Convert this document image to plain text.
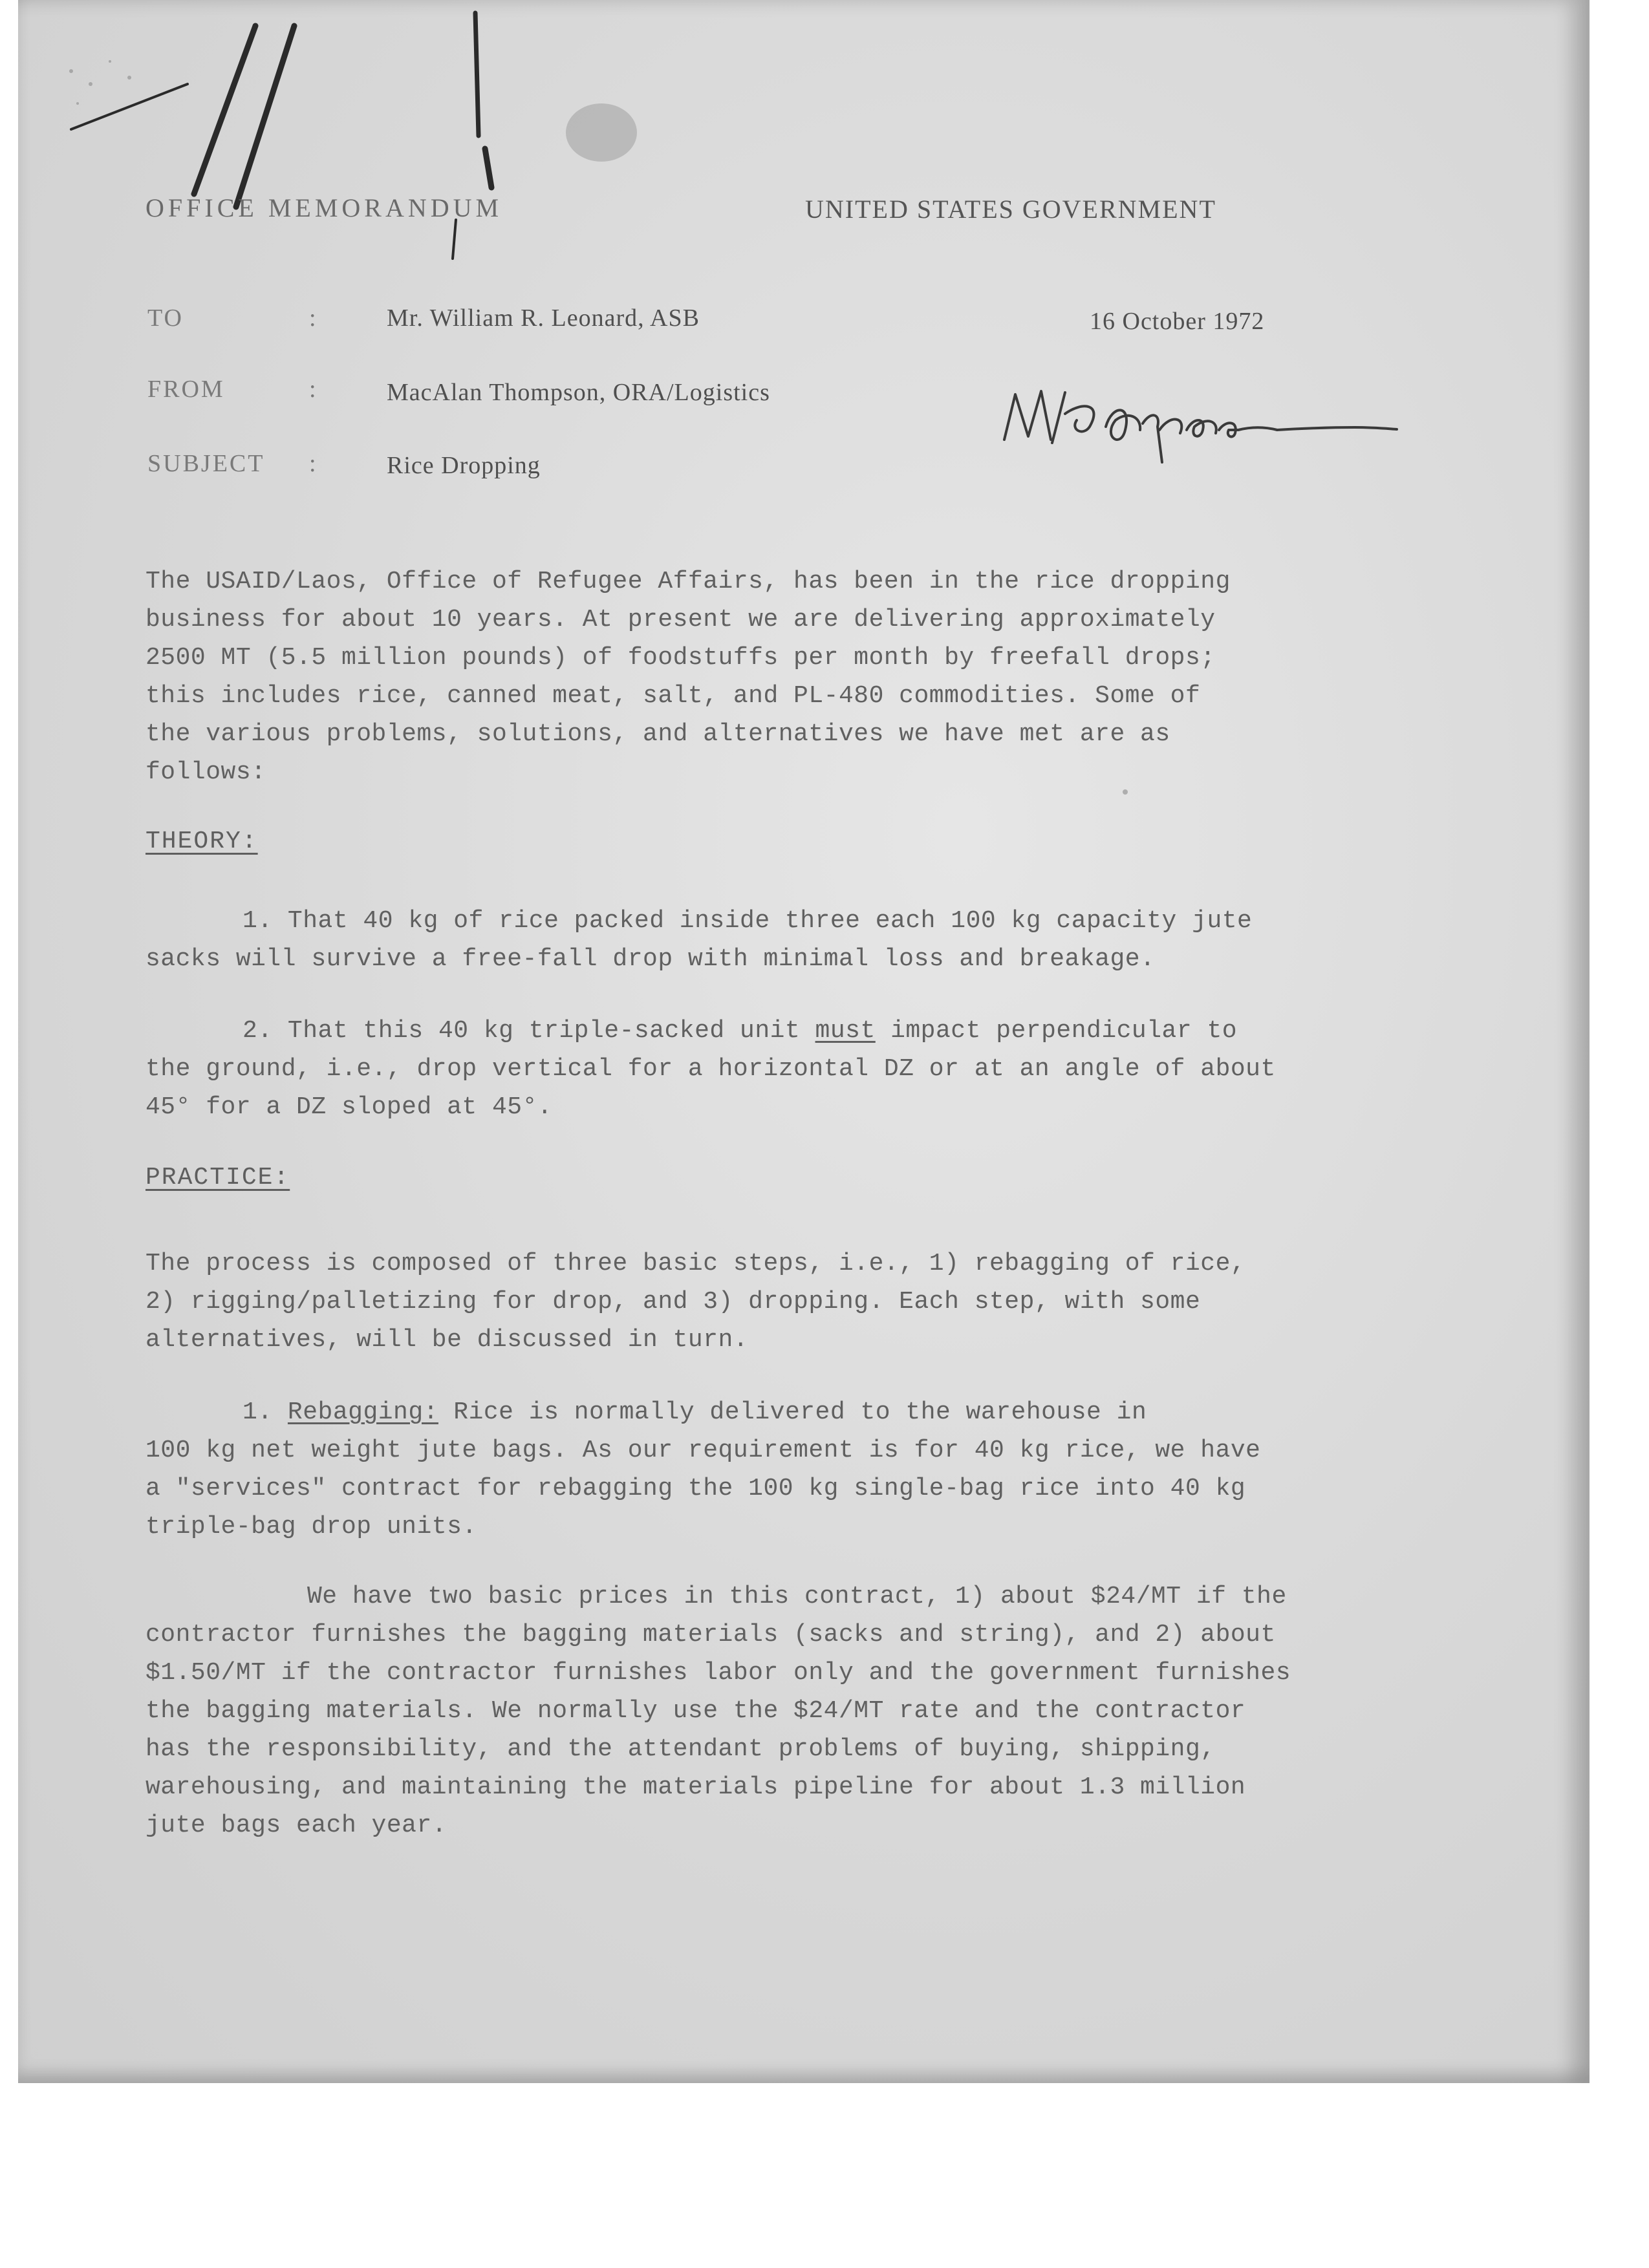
OFFICE MEMORANDUM	UNITED STATES GOVERNMENT
TO	:	Mr. William R. Leonard, ASB	16 October 1972
FROM	:	MacAlan Thompson, ORA/Logistics
SUBJECT :	Rice Dropping
The USAID/Laos, Office of Refugee Affairs, has been in the rice dropping
business for about 10 years. At present we are delivering approximately
2500 MT (5.5 million pounds) of foodstuffs per month by freefall drops;
this includes rice, canned meat, salt, and PL-480 commodities. Some of
the various problems, solutions, and alternatives we have met are as
follows:
THEORY:
1. That 40 kg of rice packed inside three each 100 kg capacity jute
sacks will survive a free-fall drop with minimal loss and breakage.
2. That this 40 kg triple-sacked unit must impact perpendicular to
the ground, i.e., drop vertical for a horizontal DZ or at an angle of about
45° for a DZ sloped at 45°.
PRACTICE:
The process is composed of three basic steps, i.e., 1) rebagging of rice,
2) rigging/palletizing for drop, and 3) dropping. Each step, with some
alternatives, will be discussed in turn.
1. Rebagging: Rice is normally delivered to the warehouse in
100 kg net weight jute bags. As our requirement is for 40 kg rice, we have
a "services" contract for rebagging the 100 kg single-bag rice into 40 kg
triple-bag drop units.
We have two basic prices in this contract, 1) about $24/MT if the
contractor furnishes the bagging materials (sacks and string), and 2) about
$1.50/MT if the contractor furnishes labor only and the government furnishes
the bagging materials. We normally use the $24/MT rate and the contractor
has the responsibility, and the attendant problems of buying, shipping,
warehousing, and maintaining the materials pipeline for about 1.3 million
jute bags each year.
